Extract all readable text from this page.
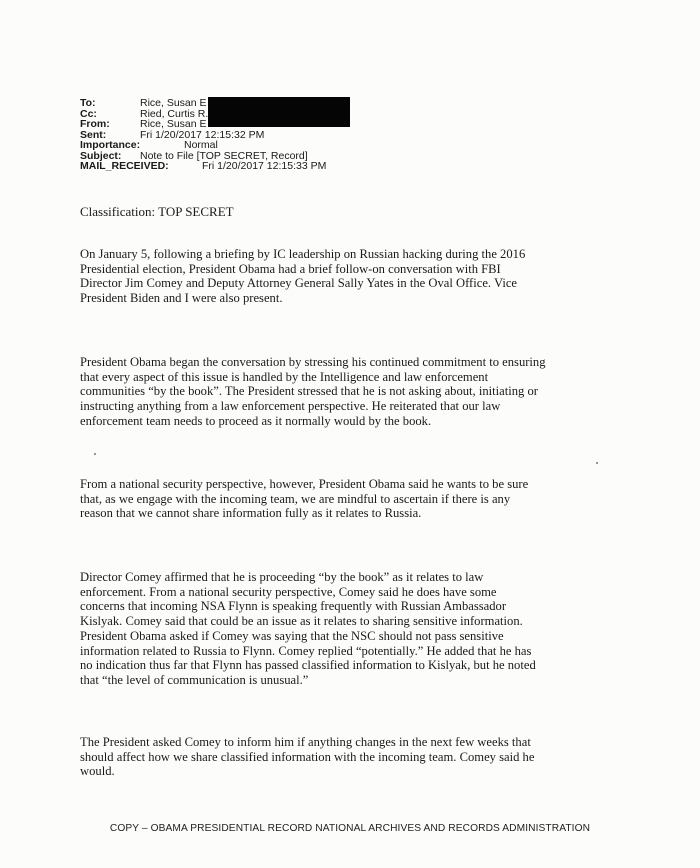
To:	Rice, Susan E
Cc:	Ried, Curtis R.
From:	Rice, Susan E
Sent:	Fri 1/20/2017 12:15:32 PM
Importance:	Normal
Subject: Note to File [TOP SECRET, Record]
MAIL_RECEIVED:	Fri 1/20/2017 12:15:33 PM
Classification: TOP SECRET

On January 5, following a briefing by IC leadership on Russian hacking during the 2016
Presidential election, President Obama had a brief follow-on conversation with FBI
Director Jim Comey and Deputy Attorney General Sally Yates in the Oval Office. Vice
President Biden and I were also present.

President Obama began the conversation by stressing his continued commitment to ensuring
that every aspect of this issue is handled by the Intelligence and law enforcement
communities “by the book”. The President stressed that he is not asking about, initiating or
instructing anything from a law enforcement perspective. He reiterated that our law
enforcement team needs to proceed as it normally would by the book.

From a national security perspective, however, President Obama said he wants to be sure
that, as we engage with the incoming team, we are mindful to ascertain if there is any
reason that we cannot share information fully as it relates to Russia.

Director Comey affirmed that he is proceeding “by the book” as it relates to law
enforcement. From a national security perspective, Comey said he does have some
concerns that incoming NSA Flynn is speaking frequently with Russian Ambassador
Kislyak. Comey said that could be an issue as it relates to sharing sensitive information.
President Obama asked if Comey was saying that the NSC should not pass sensitive
information related to Russia to Flynn. Comey replied “potentially.” He added that he has
no indication thus far that Flynn has passed classified information to Kislyak, but he noted
that “the level of communication is unusual.”

The President asked Comey to inform him if anything changes in the next few weeks that
should affect how we share classified information with the incoming team. Comey said he
would.

COPY – OBAMA PRESIDENTIAL RECORD NATIONAL ARCHIVES AND RECORDS ADMINISTRATION
